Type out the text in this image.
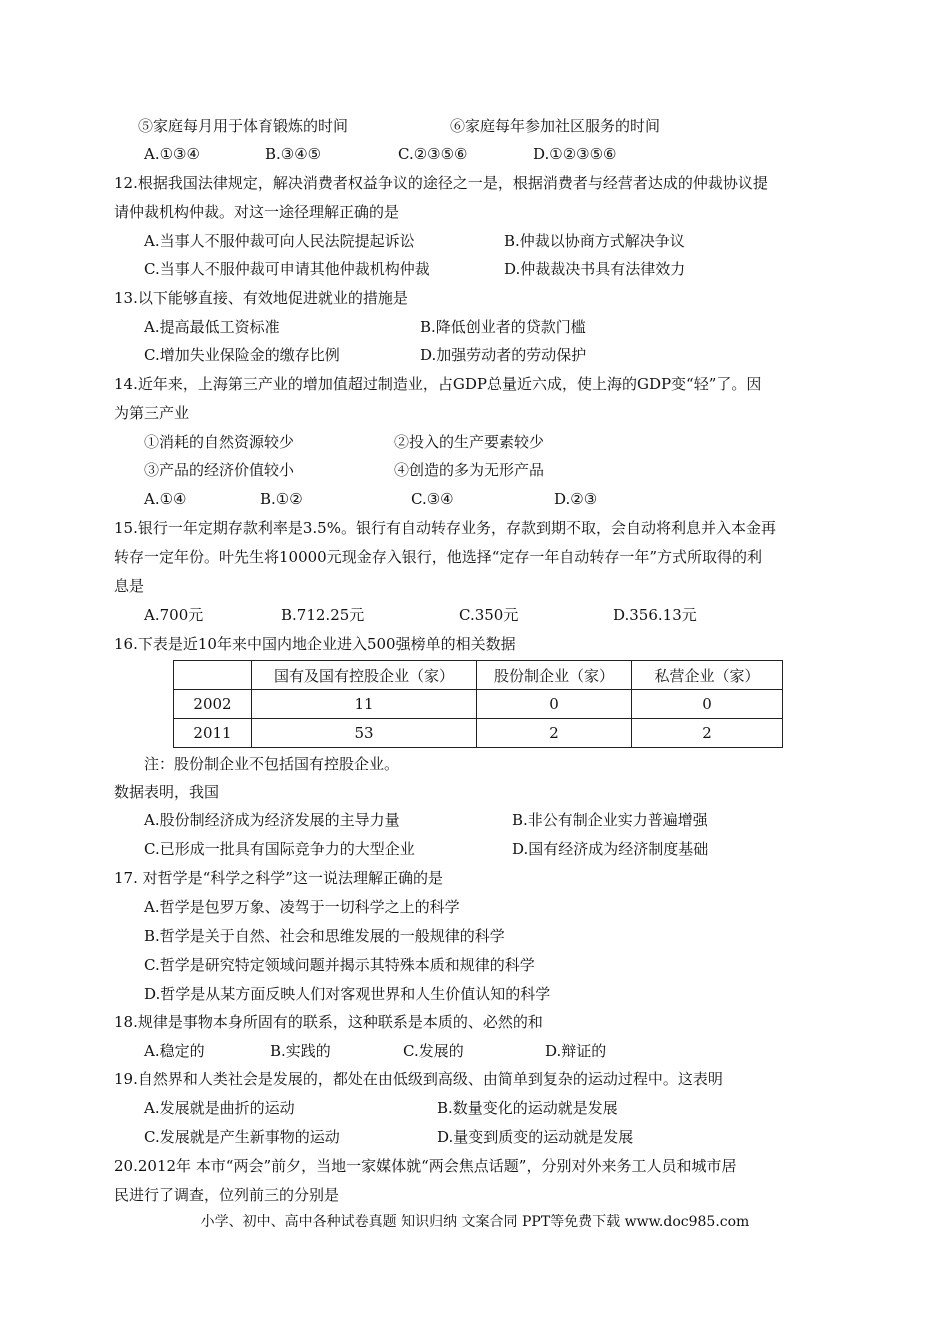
⑤家庭每月用于体育锻炼的时间	⑥家庭每年参加社区服务的时间
A.①③④	B.③④⑤	C.②③⑤⑥	D.①②③⑤⑥
12.根据我国法律规定，解决消费者权益争议的途径之一是，根据消费者与经营者达成的仲裁协议提
请仲裁机构仲裁。对这一途径理解正确的是
A.当事人不服仲裁可向人民法院提起诉讼	B.仲裁以协商方式解决争议
C.当事人不服仲裁可申请其他仲裁机构仲裁	D.仲裁裁决书具有法律效力
13.以下能够直接、有效地促进就业的措施是
A.提高最低工资标准	B.降低创业者的贷款门槛
C.增加失业保险金的缴存比例	D.加强劳动者的劳动保护
14.近年来，上海第三产业的增加值超过制造业，占GDP总量近六成，使上海的GDP变“轻”了。因
为第三产业
①消耗的自然资源较少	②投入的生产要素较少
③产品的经济价值较小	④创造的多为无形产品
A.①④	B.①②	C.③④	D.②③
15.银行一年定期存款利率是3.5%。银行有自动转存业务，存款到期不取，会自动将利息并入本金再
转存一定年份。叶先生将10000元现金存入银行，他选择“定存一年自动转存一年”方式所取得的利
息是
A.700元	B.712.25元	C.350元	D.356.13元
16.下表是近10年来中国内地企业进入500强榜单的相关数据
	国有及国有控股企业（家）	股份制企业（家）	私营企业（家）
2002	11	0	0
2011	53	2	2
注：股份制企业不包括国有控股企业。
数据表明，我国
A.股份制经济成为经济发展的主导力量	B.非公有制企业实力普遍增强
C.已形成一批具有国际竞争力的大型企业	D.国有经济成为经济制度基础
17. 对哲学是“科学之科学”这一说法理解正确的是
A.哲学是包罗万象、凌驾于一切科学之上的科学
B.哲学是关于自然、社会和思维发展的一般规律的科学
C.哲学是研究特定领域问题并揭示其特殊本质和规律的科学
D.哲学是从某方面反映人们对客观世界和人生价值认知的科学
18.规律是事物本身所固有的联系，这种联系是本质的、必然的和
A.稳定的	B.实践的	C.发展的	D.辩证的
19.自然界和人类社会是发展的，都处在由低级到高级、由简单到复杂的运动过程中。这表明
A.发展就是曲折的运动	B.数量变化的运动就是发展
C.发展就是产生新事物的运动	D.量变到质变的运动就是发展
20.2012年 本市“两会”前夕，当地一家媒体就“两会焦点话题”，分别对外来务工人员和城市居
民进行了调查，位列前三的分别是
小学、初中、高中各种试卷真题 知识归纳 文案合同 PPT等免费下载 www.doc985.com
